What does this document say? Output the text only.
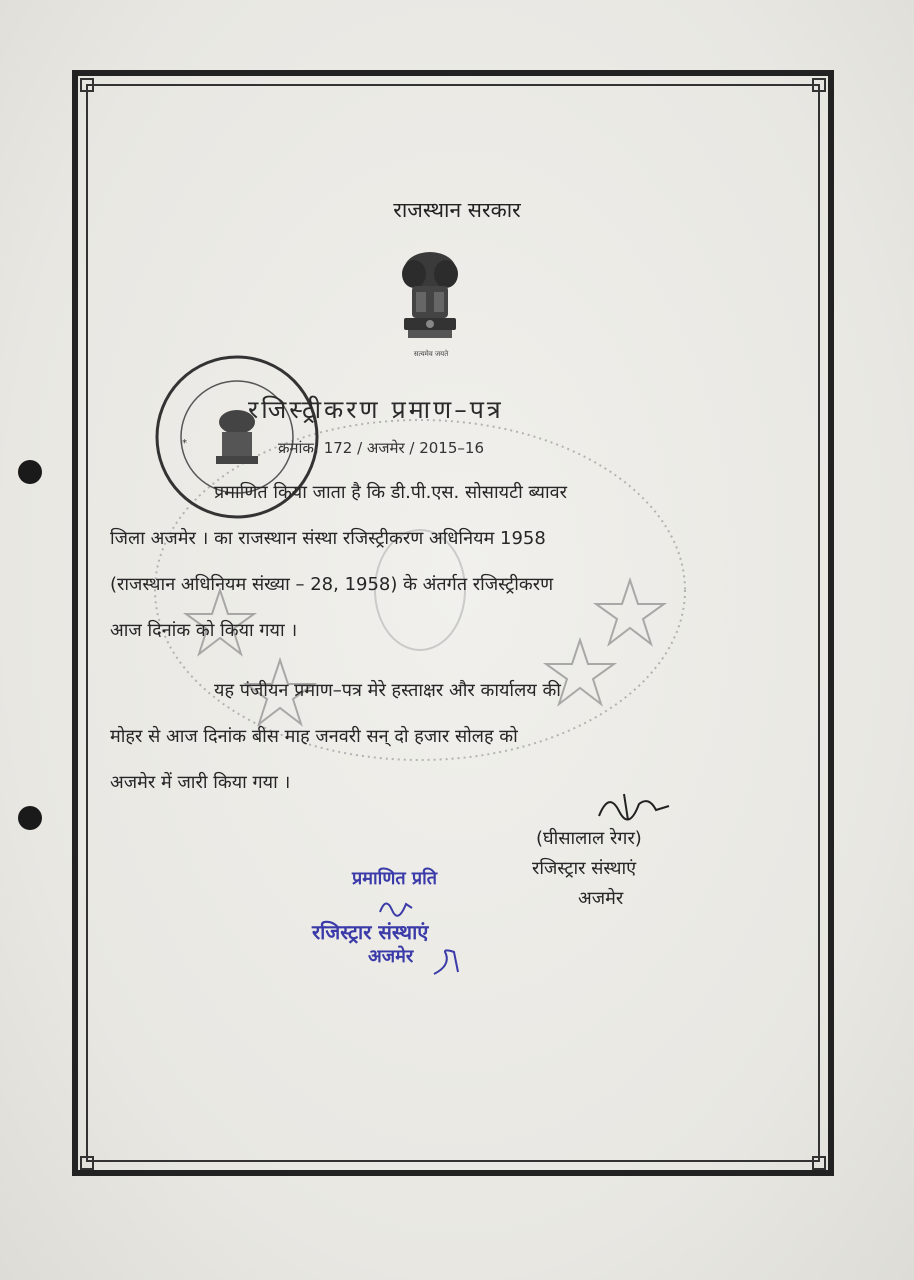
राजस्थान सरकार
सत्यमेव जयते
*
रजिस्ट्रीकरण प्रमाण–पत्र
क्रमांक: 172 / अजमेर / 2015–16
प्रमाणित किया जाता है कि डी.पी.एस. सोसायटी ब्यावर
जिला अजमेर । का राजस्थान संस्था रजिस्ट्रीकरण अधिनियम 1958
(राजस्थान अधिनियम संख्या – 28, 1958) के अंतर्गत रजिस्ट्रीकरण
आज दिनांक को किया गया ।
यह पंजीयन प्रमाण–पत्र मेरे हस्ताक्षर और कार्यालय की
मोहर से आज दिनांक बीस माह जनवरी सन् दो हजार सोलह को
अजमेर में जारी किया गया ।
(घीसालाल रेगर)
रजिस्ट्रार संस्थाएं
अजमेर
प्रमाणित प्रति
रजिस्ट्रार संस्थाएं
अजमेर
